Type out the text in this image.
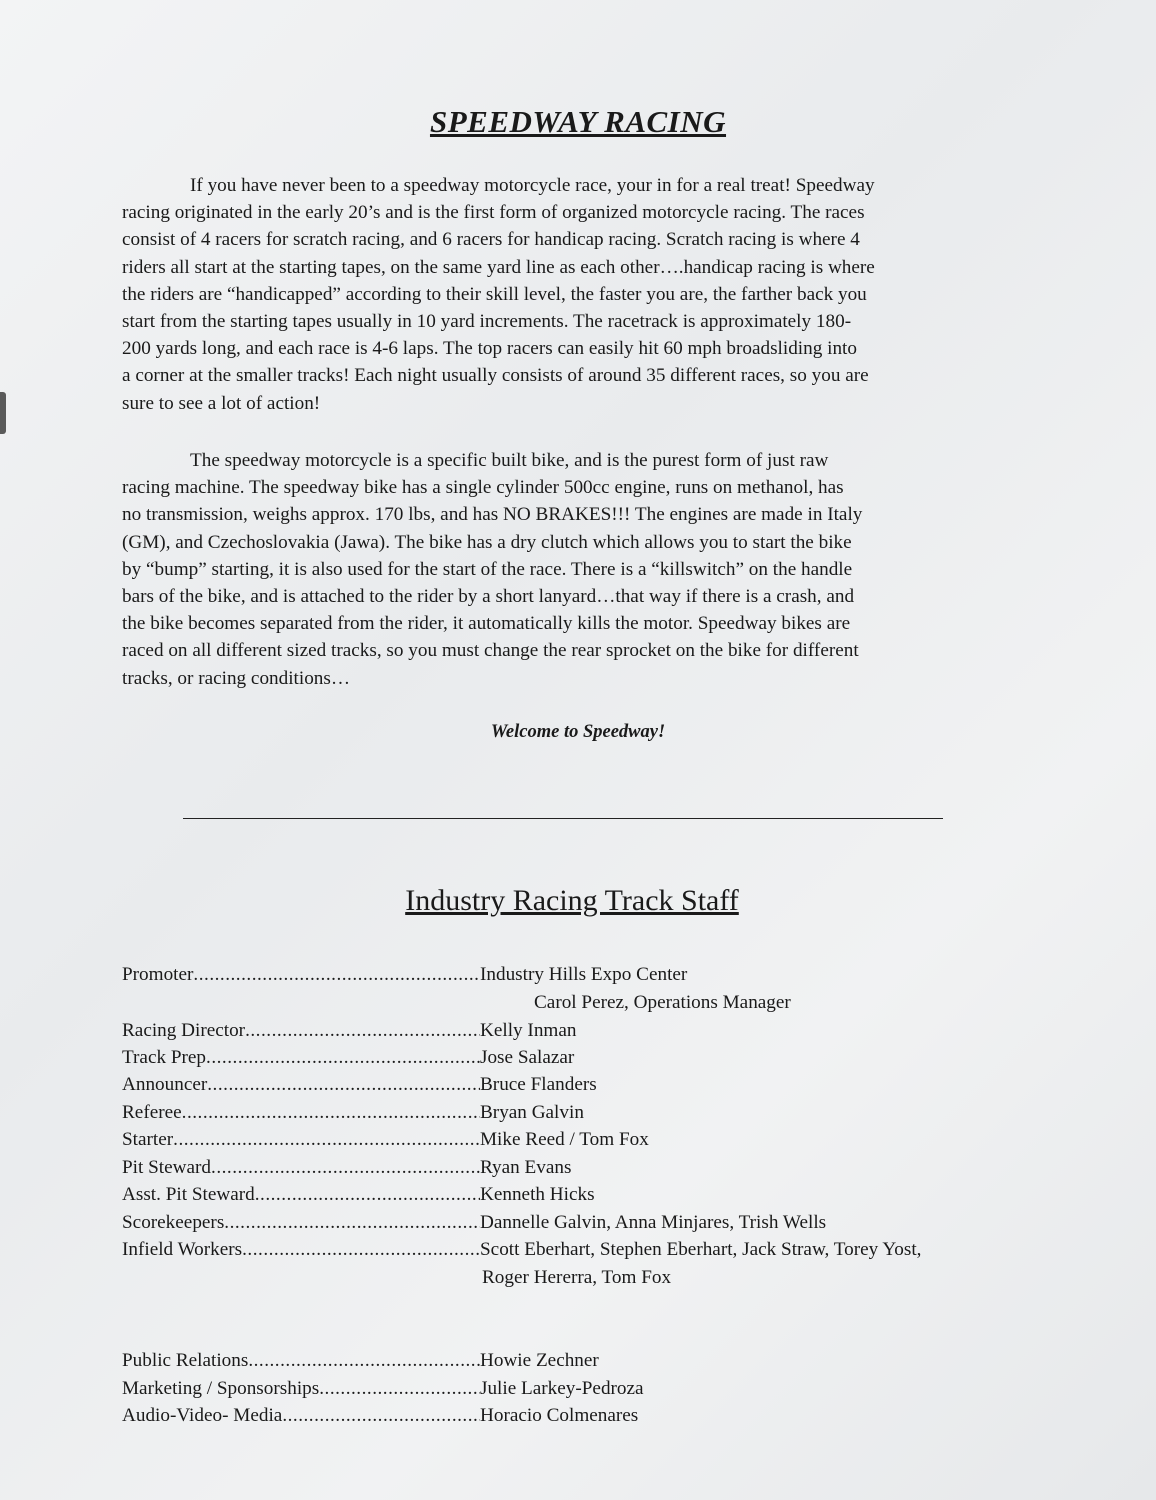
SPEEDWAY RACING
If you have never been to a speedway motorcycle race, your in for a real treat! Speedway
racing originated in the early 20’s and is the first form of organized motorcycle racing. The races
consist of 4 racers for scratch racing, and 6 racers for handicap racing. Scratch racing is where 4
riders all start at the starting tapes, on the same yard line as each other….handicap racing is where
the riders are “handicapped” according to their skill level, the faster you are, the farther back you
start from the starting tapes usually in 10 yard increments. The racetrack is approximately 180-
200 yards long, and each race is 4-6 laps. The top racers can easily hit 60 mph broadsliding into
a corner at the smaller tracks! Each night usually consists of around 35 different races, so you are
sure to see a lot of action!
The speedway motorcycle is a specific built bike, and is the purest form of just raw
racing machine. The speedway bike has a single cylinder 500cc engine, runs on methanol, has
no transmission, weighs approx. 170 lbs, and has NO BRAKES!!! The engines are made in Italy
(GM), and Czechoslovakia (Jawa). The bike has a dry clutch which allows you to start the bike
by “bump” starting, it is also used for the start of the race. There is a “killswitch” on the handle
bars of the bike, and is attached to the rider by a short lanyard…that way if there is a crash, and
the bike becomes separated from the rider, it automatically kills the motor. Speedway bikes are
raced on all different sized tracks, so you must change the rear sprocket on the bike for different
tracks, or racing conditions…
Welcome to Speedway!
Industry Racing Track Staff
Promoter .....	Industry Hills Expo Center
Carol Perez, Operations Manager
Racing Director .....	Kelly Inman
Track Prep .....	Jose Salazar
Announcer .....	Bruce Flanders
Referee .....	Bryan Galvin
Starter .....	Mike Reed / Tom Fox
Pit Steward .....	Ryan Evans
Asst. Pit Steward .....	Kenneth Hicks
Scorekeepers .....	Dannelle Galvin, Anna Minjares, Trish Wells
Infield Workers .....	Scott Eberhart, Stephen Eberhart, Jack Straw, Torey Yost,
Roger Hererra, Tom Fox
Public Relations .....	Howie Zechner
Marketing / Sponsorships .....	Julie Larkey-Pedroza
Audio-Video- Media .....	Horacio Colmenares
